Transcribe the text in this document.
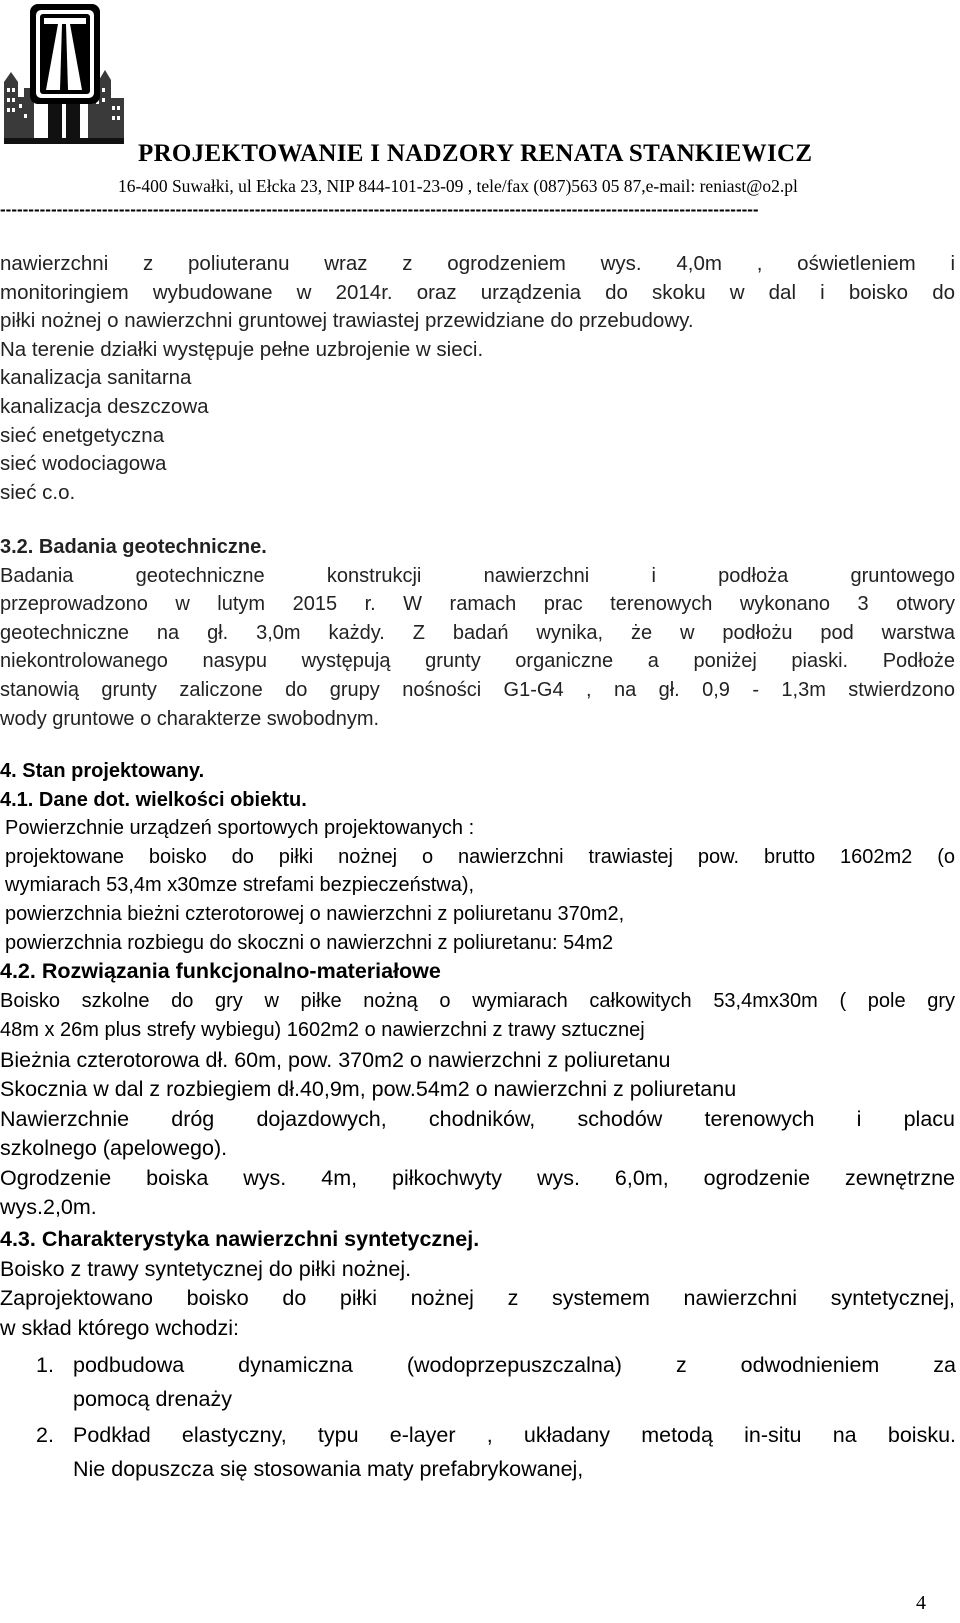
PROJEKTOWANIE I NADZORY RENATA STANKIEWICZ
16-400 Suwałki, ul Ełcka 23, NIP 844-101-23-09 , tele/fax (087)563 05 87,e-mail: reniast@o2.pl
--------------------------------------------------------------------------------------------------------------------------------------
nawierzchni z poliuteranu wraz z ogrodzeniem wys. 4,0m , oświetleniem i
monitoringiem wybudowane w 2014r. oraz urządzenia do skoku w dal i boisko do
piłki nożnej o nawierzchni gruntowej trawiastej przewidziane do przebudowy.
Na terenie działki występuje pełne uzbrojenie w sieci.
kanalizacja sanitarna
kanalizacja deszczowa
sieć enetgetyczna
sieć wodociagowa
sieć c.o.
3.2. Badania geotechniczne.
Badania geotechniczne konstrukcji nawierzchni i podłoża gruntowego
przeprowadzono w lutym 2015 r. W ramach prac terenowych wykonano 3 otwory
geotechniczne na gł. 3,0m każdy. Z badań wynika, że w podłożu pod warstwa
niekontrolowanego nasypu występują grunty organiczne a poniżej piaski. Podłoże
stanowią grunty zaliczone do grupy nośności G1-G4 , na gł. 0,9 - 1,3m stwierdzono
wody gruntowe o charakterze swobodnym.
4. Stan projektowany.
4.1. Dane dot. wielkości obiektu.
Powierzchnie urządzeń sportowych projektowanych :
projektowane boisko do piłki nożnej o nawierzchni trawiastej pow. brutto 1602m2 (o
wymiarach 53,4m x30mze strefami bezpieczeństwa),
powierzchnia bieżni czterotorowej o nawierzchni z poliuretanu 370m2,
powierzchnia rozbiegu do skoczni o nawierzchni z poliuretanu: 54m2
4.2. Rozwiązania funkcjonalno-materiałowe
Boisko szkolne do gry w piłke nożną o wymiarach całkowitych 53,4mx30m ( pole gry
48m x 26m plus strefy wybiegu) 1602m2 o nawierzchni z trawy sztucznej
Bieżnia czterotorowa dł. 60m, pow. 370m2 o nawierzchni z poliuretanu
Skocznia w dal z rozbiegiem dł.40,9m, pow.54m2 o nawierzchni z poliuretanu
Nawierzchnie dróg dojazdowych, chodników, schodów terenowych i placu
szkolnego (apelowego).
Ogrodzenie boiska wys. 4m, piłkochwyty wys. 6,0m, ogrodzenie zewnętrzne
wys.2,0m.
4.3. Charakterystyka nawierzchni syntetycznej.
Boisko z trawy syntetycznej do piłki nożnej.
Zaprojektowano boisko do piłki nożnej z systemem nawierzchni syntetycznej,
w skład którego wchodzi:
1. podbudowa dynamiczna (wodoprzepuszczalna) z odwodnieniem za
pomocą drenaży
2. Podkład elastyczny, typu e-layer , układany metodą in-situ na boisku.
Nie dopuszcza się stosowania maty prefabrykowanej,
4
